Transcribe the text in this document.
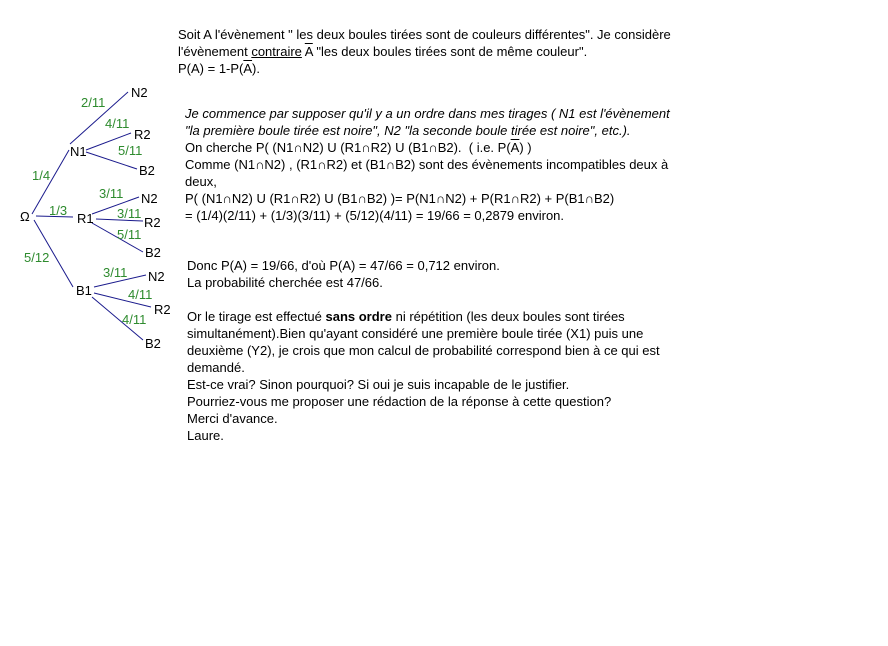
Ω
N1
R1
B1
N2
R2
B2
N2
R2
B2
N2
R2
B2
1/4
1/3
5/12
2/11
4/11
5/11
3/11
3/11
5/11
3/11
4/11
4/11
Soit A l'évènement " les deux boules tirées sont de couleurs différentes". Je considère
l'évènement contraire $\overline{A}$ "les deux boules tirées sont de même couleur".
$P(A) = 1-P(\overline{A})$.
Je commence par supposer qu'il y a un ordre dans mes tirages ( N1 est l'évènement
"la première boule tirée est noire", N2 "la seconde boule tirée est noire", etc.).
On cherche P( (N1∩N2) U (R1∩R2) U (B1∩B2).  ( i.e. $P(\overline{A})$ )
Comme (N1∩N2) , (R1∩R2) et (B1∩B2) sont des évènements incompatibles deux à
deux,
P( (N1∩N2) U (R1∩R2) U (B1∩B2) )= P(N1∩N2) + P(R1∩R2) + P(B1∩B2)
= (1/4)(2/11) + (1/3)(3/11) + (5/12)(4/11) = 19/66 = 0,2879 environ.
Donc P(A) = 19/66, d'où P(A) = 47/66 = 0,712 environ.
La probabilité cherchée est 47/66.
Or le tirage est effectué sans ordre ni répétition (les deux boules sont tirées
simultanément).Bien qu'ayant considéré une première boule tirée (X1) puis une
deuxième (Y2), je crois que mon calcul de probabilité correspond bien à ce qui est
demandé.
Est-ce vrai? Sinon pourquoi? Si oui je suis incapable de le justifier.
Pourriez-vous me proposer une rédaction de la réponse à cette question?
Merci d'avance.
Laure.
